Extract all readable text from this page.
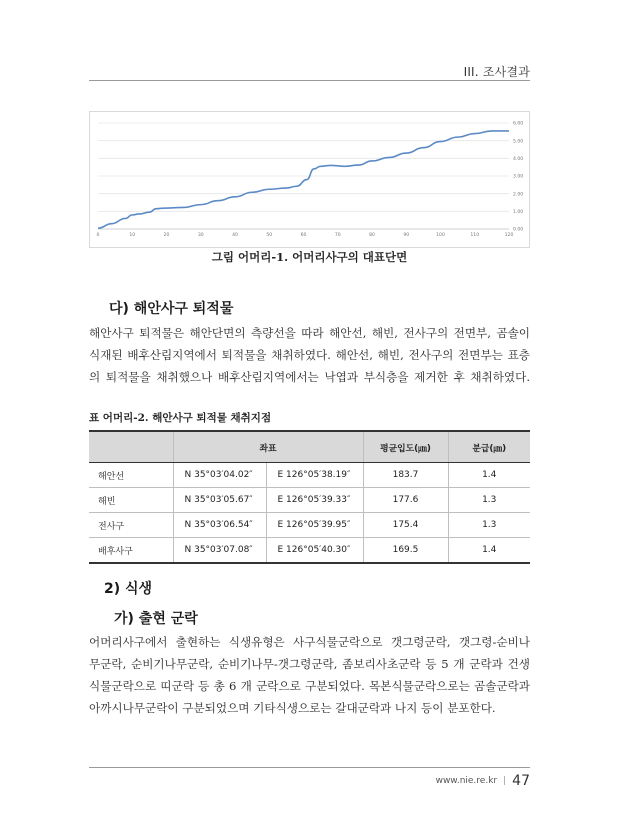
III. 조사결과
0.00
1.00
2.00
3.00
4.00
5.00
6.00
0	10	20	30	40	50	60	70	80	90	100	110	120
그림 어머리-1. 어머리사구의 대표단면
다) 해안사구 퇴적물
해안사구 퇴적물은 해안단면의 측량선을 따라 해안선, 해빈, 전사구의 전면부, 곰솔이
식재된 배후산림지역에서 퇴적물을 채취하였다. 해안선, 해빈, 전사구의 전면부는 표층
의 퇴적물을 채취했으나 배후산림지역에서는 낙엽과 부식층을 제거한 후 채취하였다.
표 어머리-2. 해안사구 퇴적물 채취지점
	좌표		평균입도(㎛)	분급(㎛)
해안선	N 35°03′04.02″	E 126°05′38.19″	183.7	1.4
해빈	N 35°03′05.67″	E 126°05′39.33″	177.6	1.3
전사구	N 35°03′06.54″	E 126°05′39.95″	175.4	1.3
배후사구	N 35°03′07.08″	E 126°05′40.30″	169.5	1.4
2) 식생
가) 출현 군락
어머리사구에서 출현하는 식생유형은 사구식물군락으로 갯그령군락, 갯그령-순비나
무군락, 순비기나무군락, 순비기나무-갯그령군락, 좀보리사초군락 등 5 개 군락과 건생
식물군락으로 띠군락 등 총 6 개 군락으로 구분되었다. 목본식물군락으로는 곰솔군락과
아까시나무군락이 구분되었으며 기타식생으로는 갈대군락과 나지 등이 분포한다.
www.nie.re.kr | 47
